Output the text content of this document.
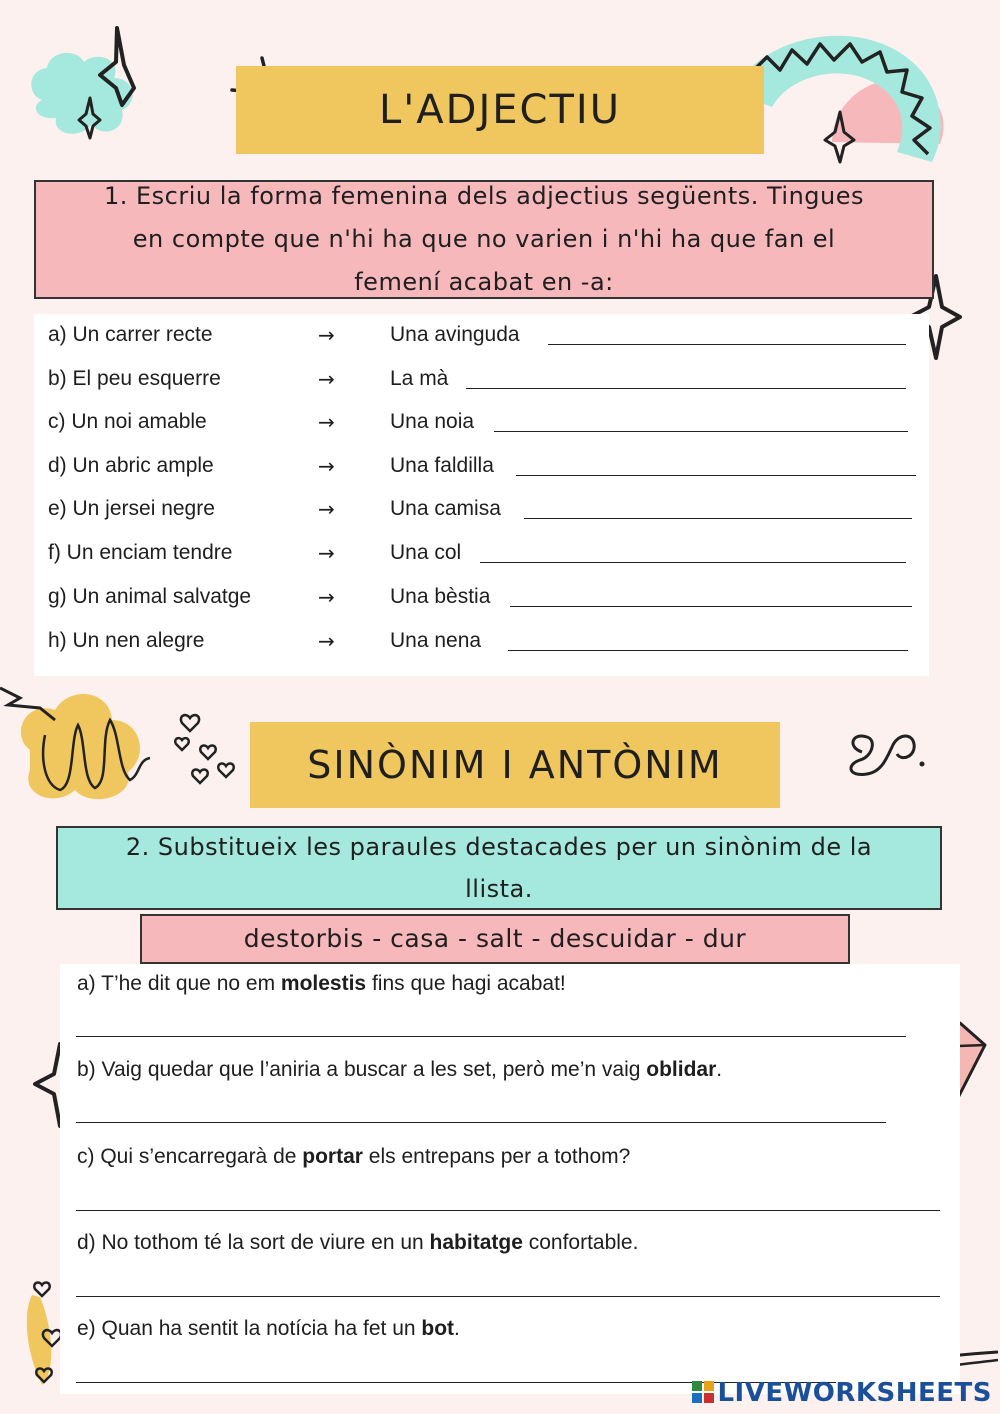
L'ADJECTIU
1. Escriu la forma femenina dels adjectius següents. Tingues
en compte que n'hi ha que no varien i n'hi ha que fan el
femení acabat en -a:
a) Un carrer recte	→	Una avinguda
b) El peu esquerre	→	La mà
c) Un noi amable	→	Una noia
d) Un abric ample	→	Una faldilla
e) Un jersei negre	→	Una camisa
f) Un enciam tendre	→	Una col
g) Un animal salvatge	→	Una bèstia
h) Un nen alegre	→	Una nena
SINÒNIM I ANTÒNIM
2. Substitueix les paraules destacades per un sinònim de la
llista.
destorbis - casa - salt - descuidar - dur
a) T’he dit que no em molestis fins que hagi acabat!
b) Vaig quedar que l’aniria a buscar a les set, però me’n vaig oblidar.
c) Qui s’encarregarà de portar els entrepans per a tothom?
d) No tothom té la sort de viure en un habitatge confortable.
e) Quan ha sentit la notícia ha fet un bot.
LIVEWORKSHEETS
